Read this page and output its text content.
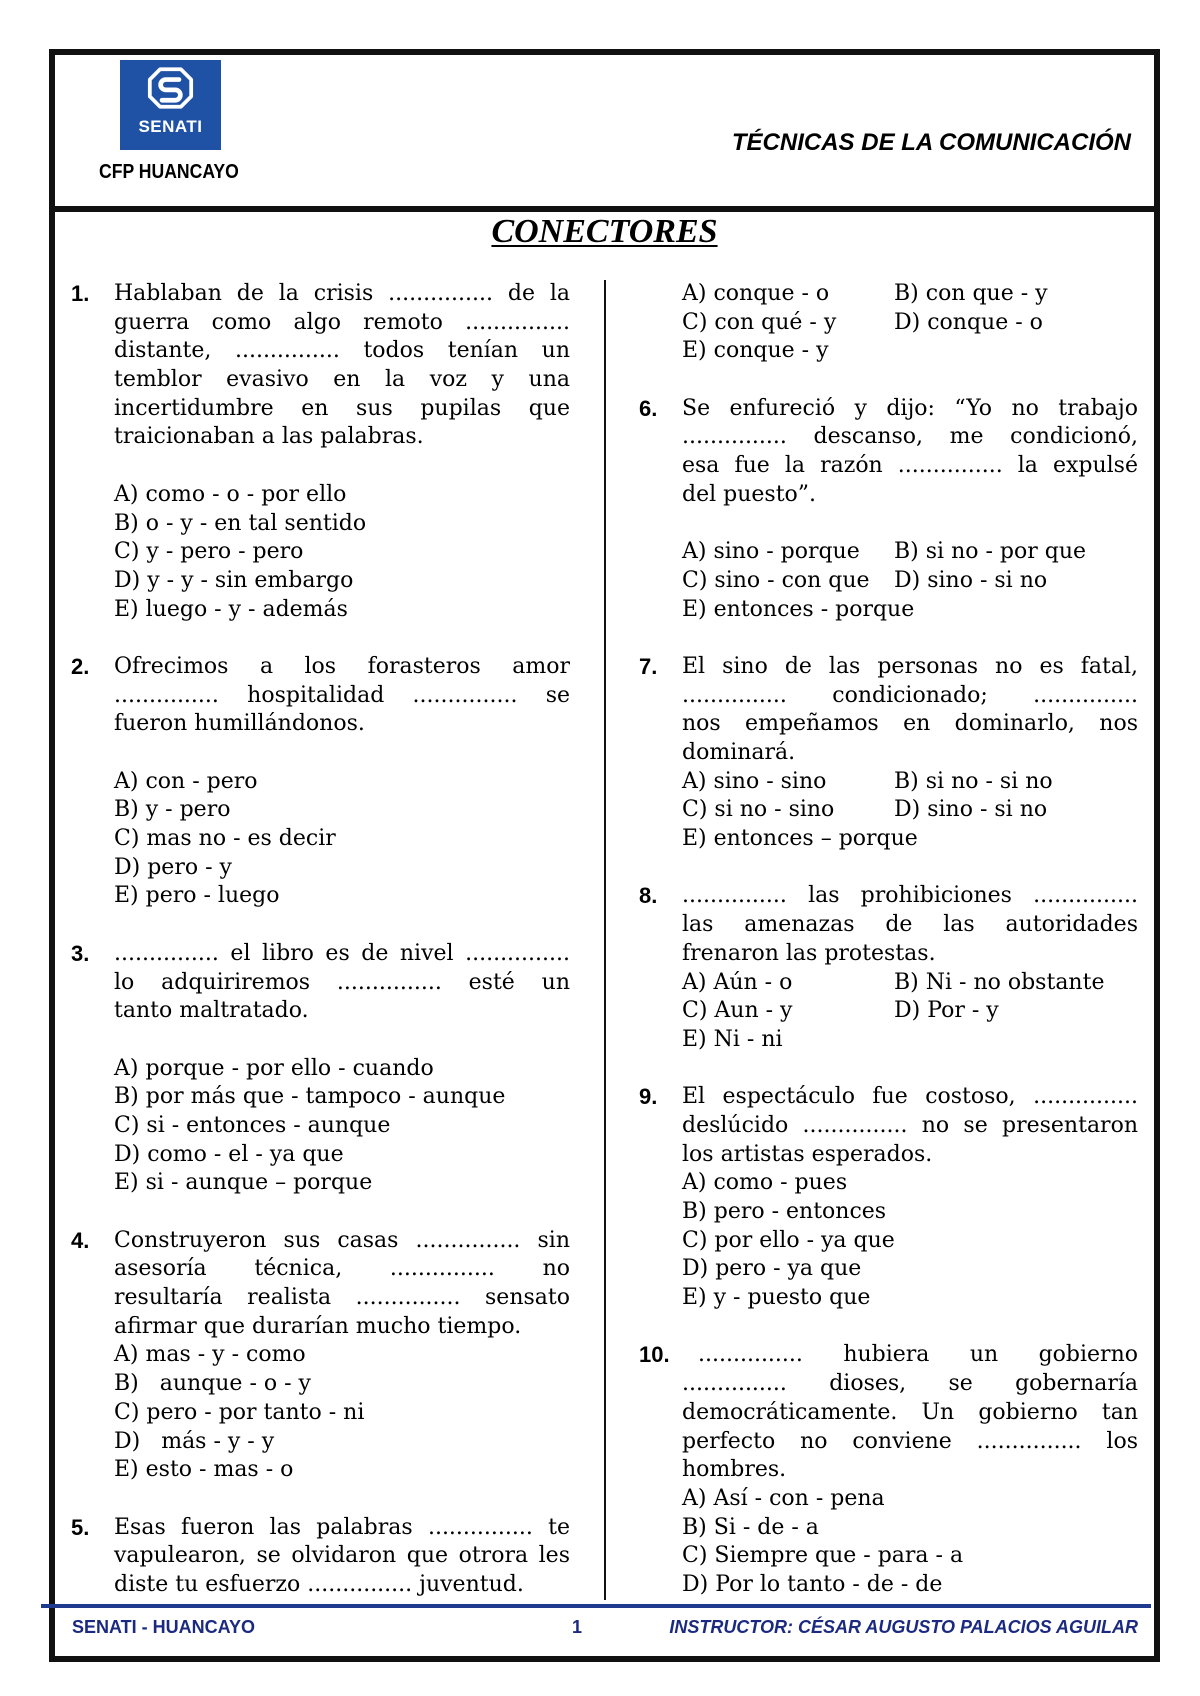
SENATI
CFP HUANCAYO
TÉCNICAS DE LA COMUNICACIÓN
CONECTORES
1. Hablaban de la crisis ............... de la
guerra como algo remoto ...............
distante, ............... todos tenían un
temblor evasivo en la voz y una
incertidumbre en sus pupilas que
traicionaban a las palabras.
A) como - o - por ello
B) o - y - en tal sentido
C) y - pero - pero
D) y - y - sin embargo
E) luego - y - además
2. Ofrecimos a los forasteros amor
............... hospitalidad ............... se
fueron humillándonos.
A) con - pero
B) y - pero
C) mas no - es decir
D) pero - y
E) pero - luego
3. ............... el libro es de nivel ...............
lo adquiriremos ............... esté un
tanto maltratado.
A) porque - por ello - cuando
B) por más que - tampoco - aunque
C) si - entonces - aunque
D) como - el - ya que
E) si - aunque – porque
4. Construyeron sus casas ............... sin
asesoría técnica, ............... no
resultaría realista ............... sensato
afirmar que durarían mucho tiempo.
A) mas - y - como
B)   aunque - o - y
C) pero - por tanto - ni
D)   más - y - y
E) esto - mas - o
5. Esas fueron las palabras ............... te
vapulearon, se olvidaron que otrora les
diste tu esfuerzo ............... juventud.
A) conque - o	B) con que - y
C) con qué - y	D) conque - o
E) conque - y
6. Se enfureció y dijo: “Yo no trabajo
............... descanso, me condicionó,
esa fue la razón ............... la expulsé
del puesto”.
A) sino - porque	B) si no - por que
C) sino - con que	D) sino - si no
E) entonces - porque
7. El sino de las personas no es fatal,
............... condicionado; ...............
nos empeñamos en dominarlo, nos
dominará.
A) sino - sino	B) si no - si no
C) si no - sino	D) sino - si no
E) entonces – porque
8. ............... las prohibiciones ...............
las amenazas de las autoridades
frenaron las protestas.
A) Aún - o	B) Ni - no obstante
C) Aun - y	D) Por - y
E) Ni - ni
9. El espectáculo fue costoso, ...............
deslúcido ............... no se presentaron
los artistas esperados.
A) como - pues
B) pero - entonces
C) por ello - ya que
D) pero - ya que
E) y - puesto que
10.	............... hubiera un gobierno
............... dioses, se gobernaría
democráticamente. Un gobierno tan
perfecto no conviene ............... los
hombres.
A) Así - con - pena
B) Si - de - a
C) Siempre que - para - a
D) Por lo tanto - de - de
SENATI - HUANCAYO	1	INSTRUCTOR: CÉSAR AUGUSTO PALACIOS AGUILAR
